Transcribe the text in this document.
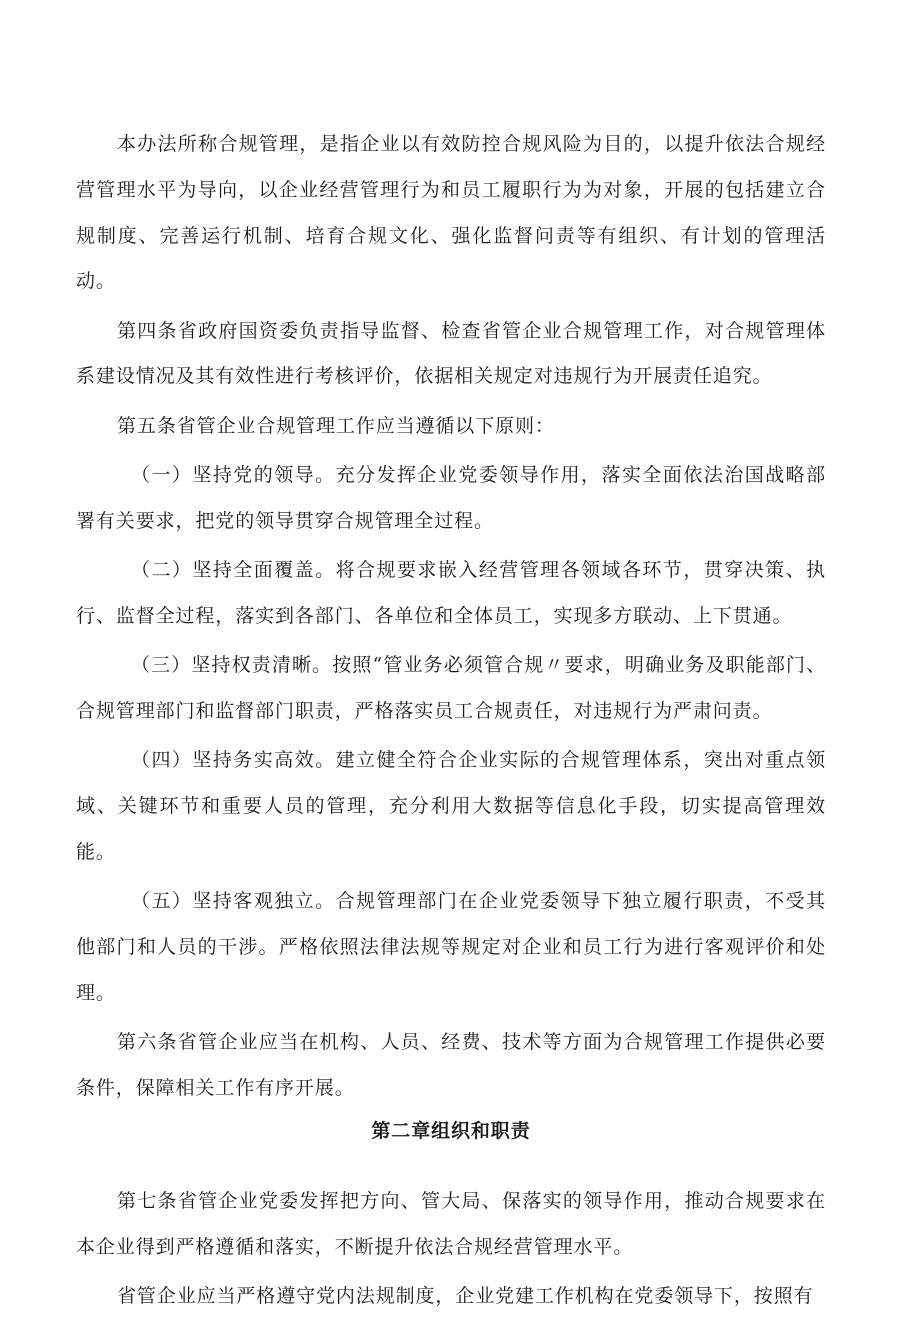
本办法所称合规管理，是指企业以有效防控合规风险为目的，以提升依法合规经营管理水平为导向，以企业经营管理行为和员工履职行为为对象，开展的包括建立合规制度、完善运行机制、培育合规文化、强化监督问责等有组织、有计划的管理活动。

第四条省政府国资委负责指导监督、检查省管企业合规管理工作，对合规管理体系建设情况及其有效性进行考核评价，依据相关规定对违规行为开展责任追究。

第五条省管企业合规管理工作应当遵循以下原则：

（一）坚持党的领导。充分发挥企业党委领导作用，落实全面依法治国战略部署有关要求，把党的领导贯穿合规管理全过程。

（二）坚持全面覆盖。将合规要求嵌入经营管理各领域各环节，贯穿决策、执行、监督全过程，落实到各部门、各单位和全体员工，实现多方联动、上下贯通。

（三）坚持权责清晰。按照“管业务必须管合规〃要求，明确业务及职能部门、合规管理部门和监督部门职责，严格落实员工合规责任，对违规行为严肃问责。

（四）坚持务实高效。建立健全符合企业实际的合规管理体系，突出对重点领域、关键环节和重要人员的管理，充分利用大数据等信息化手段，切实提高管理效能。

（五）坚持客观独立。合规管理部门在企业党委领导下独立履行职责，不受其他部门和人员的干涉。严格依照法律法规等规定对企业和员工行为进行客观评价和处理。

第六条省管企业应当在机构、人员、经费、技术等方面为合规管理工作提供必要条件，保障相关工作有序开展。

第二章组织和职责

第七条省管企业党委发挥把方向、管大局、保落实的领导作用，推动合规要求在本企业得到严格遵循和落实，不断提升依法合规经营管理水平。

省管企业应当严格遵守党内法规制度，企业党建工作机构在党委领导下，按照有
